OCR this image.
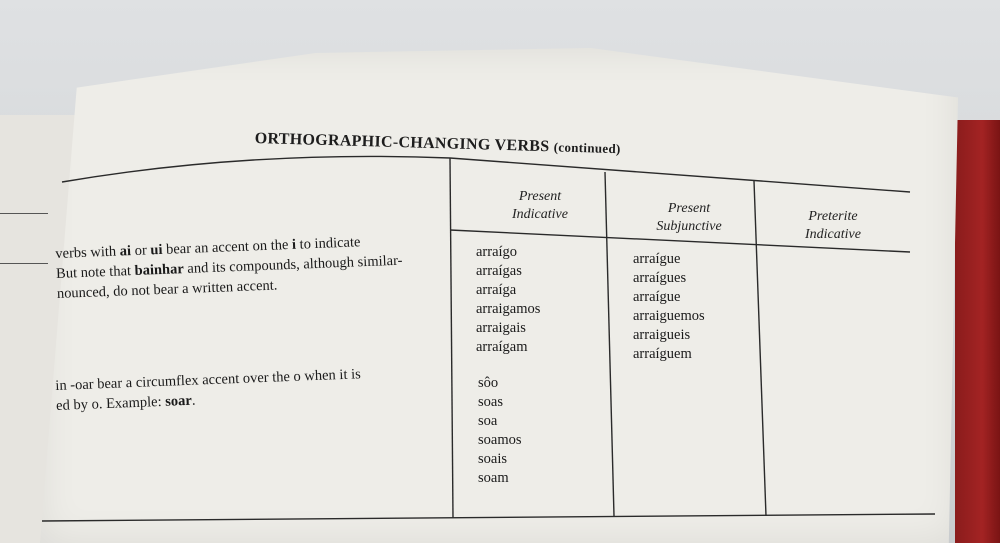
ORTHOGRAPHIC-CHANGING VERBS (continued)
Present
Indicative	Present
Subjunctive
Preterite
Indicative
verbs with ai or ui bear an accent on the i to indicate
But note that bainhar and its compounds, although similar-
nounced, do not bear a written accent.
arraígo
arraígas
arraíga
arraigamos
arraigais
arraígam
arraígue
arraígues
arraígue
arraiguemos
arraigueis
arraíguem
in -oar bear a circumflex accent over the o when it is
ed by o. Example: soar.
sôo
soas
soa
soamos
soais
soam
